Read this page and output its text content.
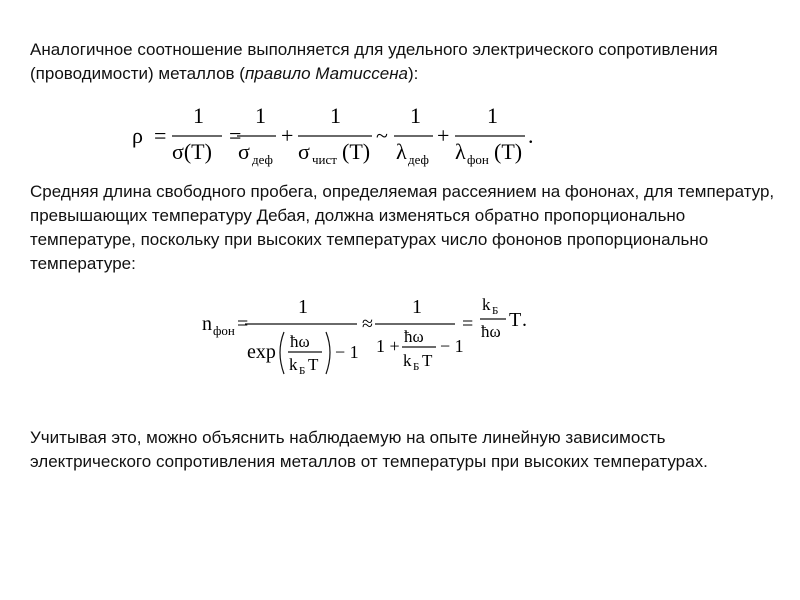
Аналогичное соотношение выполняется для удельного электрического сопротивления (проводимости) металлов (правило Матиссена):

ρ =
1
σ(T)
=
1
σ деф
+
1
σ чист (T)
~
1
λ деф
+
1
λ фон (T)
.

Средняя длина свободного пробега, определяемая рассеянием на фононах, для температур, превышающих температуру Дебая, должна изменяться обратно пропорционально температуре, поскольку при высоких температурах число фононов пропорционально температуре:

n фон =
1
exp ħω
k Б T
− 1
≈
1
1 + ħω
k Б T
− 1
=
k Б
ħω
T .

Учитывая это, можно объяснить наблюдаемую на опыте линейную зависимость электрического сопротивления металлов от температуры при высоких температурах.
